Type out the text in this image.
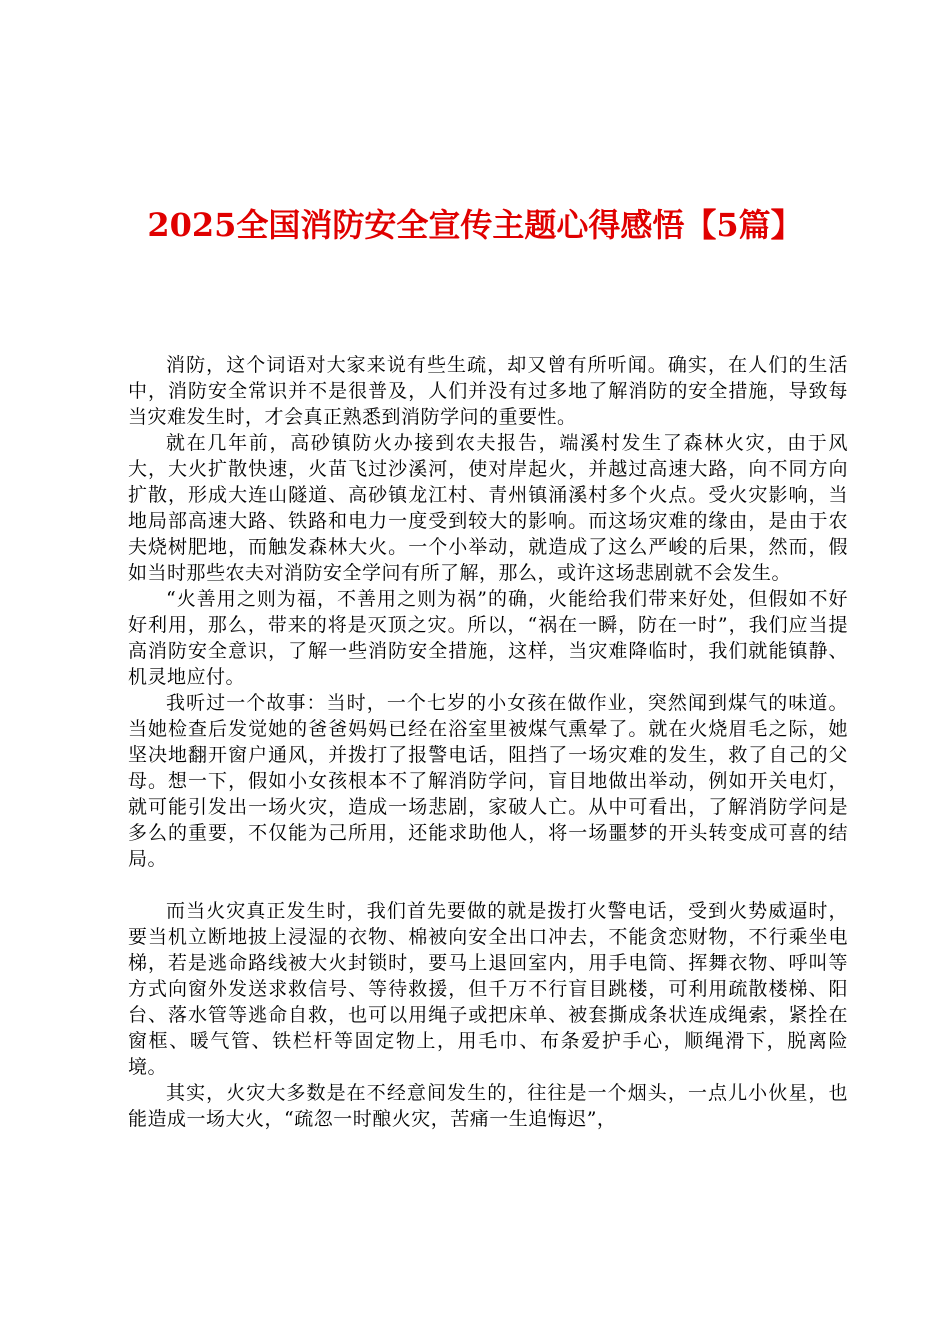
2025全国消防安全宣传主题心得感悟【5篇】

消防，这个词语对大家来说有些生疏，却又曾有所听闻。确实，在人们的生活中，消防安全常识并不是很普及，人们并没有过多地了解消防的安全措施，导致每当灾难发生时，才会真正熟悉到消防学问的重要性。

就在几年前，高砂镇防火办接到农夫报告，端溪村发生了森林火灾，由于风大，大火扩散快速，火苗飞过沙溪河，使对岸起火，并越过高速大路，向不同方向扩散，形成大连山隧道、高砂镇龙江村、青州镇涌溪村多个火点。受火灾影响，当地局部高速大路、铁路和电力一度受到较大的影响。而这场灾难的缘由，是由于农夫烧树肥地，而触发森林大火。一个小举动，就造成了这么严峻的后果，然而，假如当时那些农夫对消防安全学问有所了解，那么，或许这场悲剧就不会发生。

“火善用之则为福，不善用之则为祸”的确，火能给我们带来好处，但假如不好好利用，那么，带来的将是灭顶之灾。所以，“祸在一瞬，防在一时”，我们应当提高消防安全意识，了解一些消防安全措施，这样，当灾难降临时，我们就能镇静、机灵地应付。

我听过一个故事：当时，一个七岁的小女孩在做作业，突然闻到煤气的味道。当她检查后发觉她的爸爸妈妈已经在浴室里被煤气熏晕了。就在火烧眉毛之际，她坚决地翻开窗户通风，并拨打了报警电话，阻挡了一场灾难的发生，救了自己的父母。想一下，假如小女孩根本不了解消防学问，盲目地做出举动，例如开关电灯，就可能引发出一场火灾，造成一场悲剧，家破人亡。从中可看出，了解消防学问是多么的重要，不仅能为己所用，还能求助他人，将一场噩梦的开头转变成可喜的结局。

而当火灾真正发生时，我们首先要做的就是拨打火警电话，受到火势威逼时，要当机立断地披上浸湿的衣物、棉被向安全出口冲去，不能贪恋财物，不行乘坐电梯，若是逃命路线被大火封锁时，要马上退回室内，用手电筒、挥舞衣物、呼叫等方式向窗外发送求救信号、等待救援，但千万不行盲目跳楼，可利用疏散楼梯、阳台、落水管等逃命自救，也可以用绳子或把床单、被套撕成条状连成绳索，紧拴在窗框、暖气管、铁栏杆等固定物上，用毛巾、布条爱护手心，顺绳滑下，脱离险境。

其实，火灾大多数是在不经意间发生的，往往是一个烟头，一点儿小伙星，也能造成一场大火，“疏忽一时酿火灾，苦痛一生追悔迟”，
